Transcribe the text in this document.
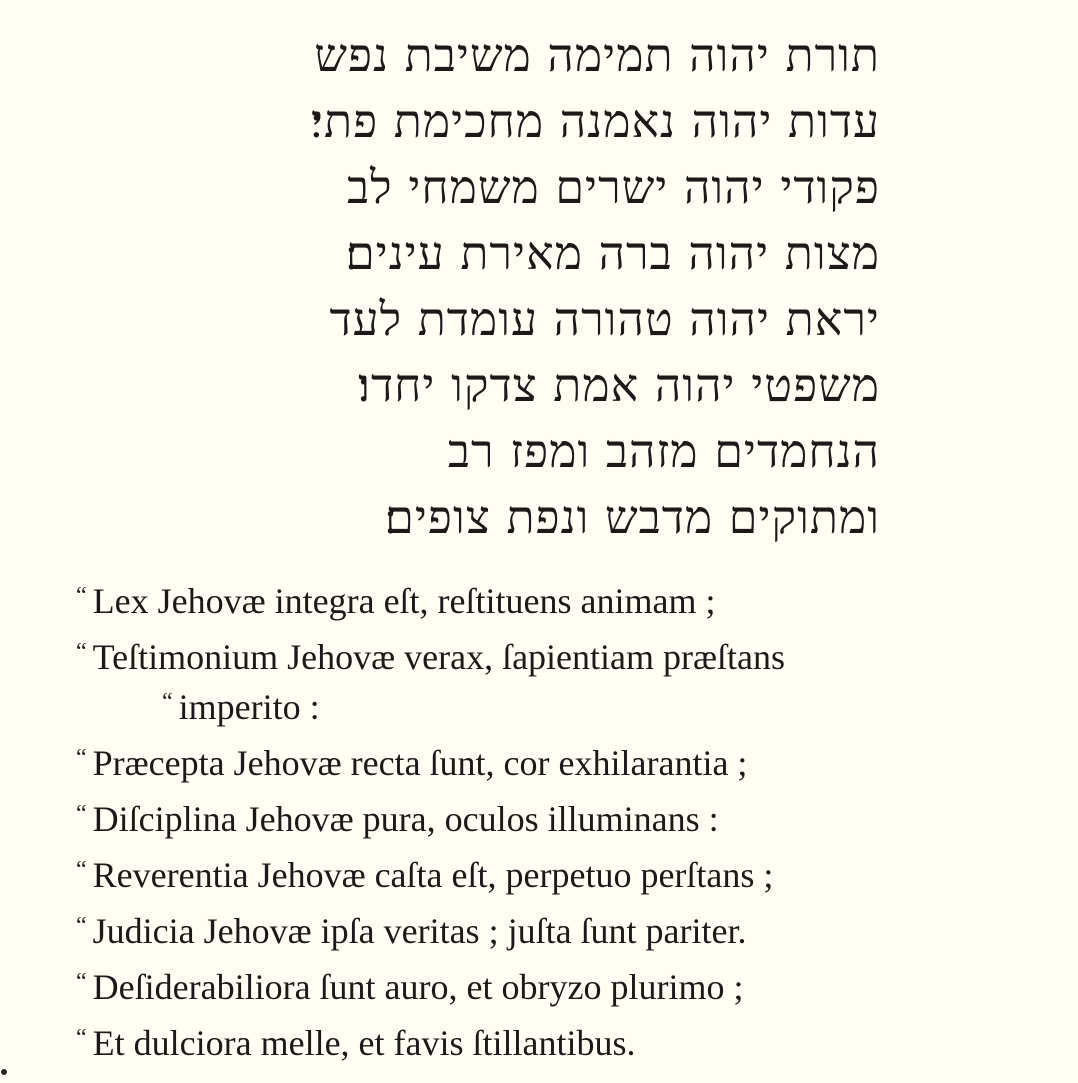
תורת יהוה תמימה משיבת נפש
עדות יהוה נאמנה מחכימת פתי׃
פקודי יהוה ישרים משמחי לב
מצות יהוה ברה מאירת עינים׃
יראת יהוה טהורה עומדת לעד
משפטי יהוה אמת צדקו יחדו׃
הנחמדים מזהב ומפז רב
ומתוקים מדבש ונפת צופים׃
“ Lex Jehovæ integra eſt, reſtituens animam ;
“ Teſtimonium Jehovæ verax, ſapientiam præſtans
“ imperito :
“ Præcepta Jehovæ recta ſunt, cor exhilarantia ;
“ Diſciplina Jehovæ pura, oculos illuminans :
“ Reverentia Jehovæ caſta eſt, perpetuo perſtans ;
“ Judicia Jehovæ ipſa veritas ; juſta ſunt pariter.
“ Deſiderabiliora ſunt auro, et obryzo plurimo ;
“ Et dulciora melle, et favis ſtillantibus.
